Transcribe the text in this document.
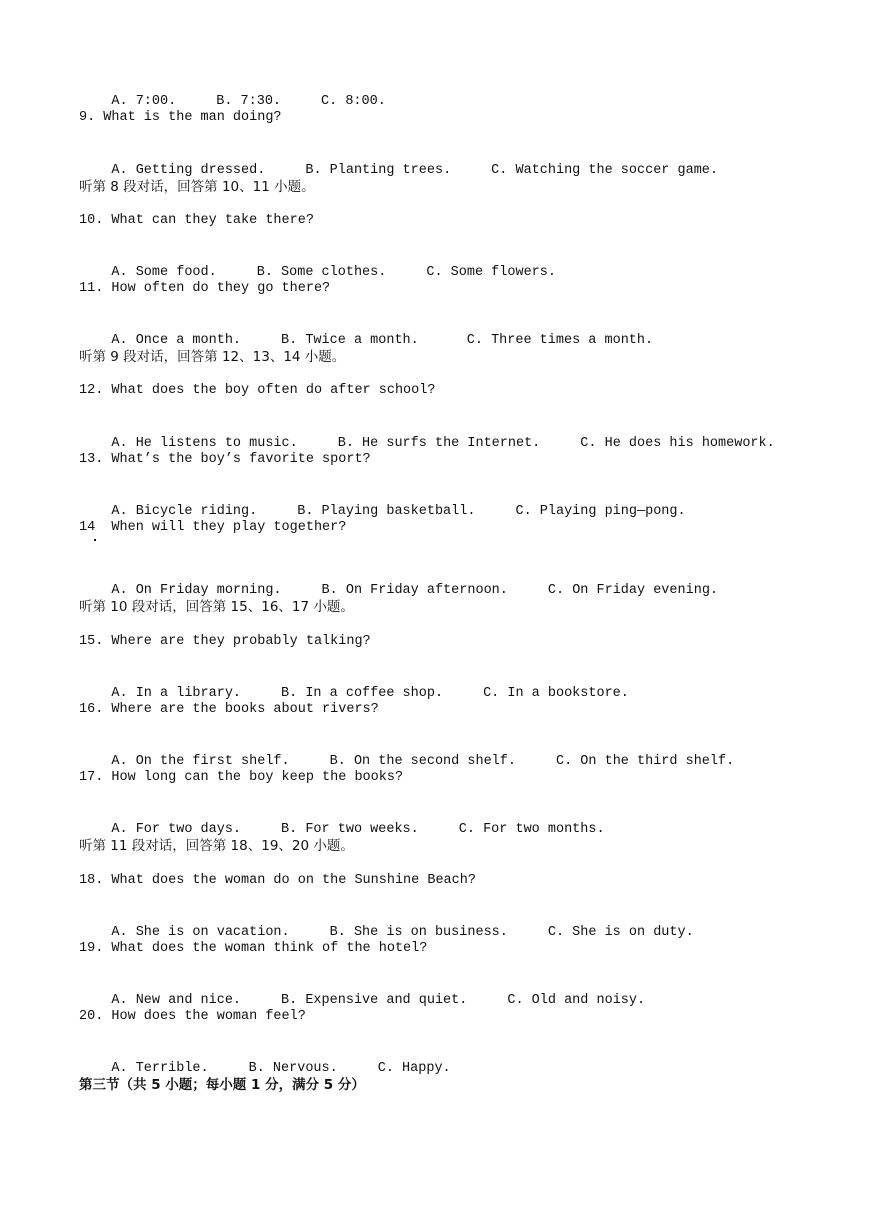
A. 7:00.	B. 7:30.	C. 8:00.

9. What is the man doing?

A. Getting dressed.	B. Planting trees.	C. Watching the soccer game.

听第 8 段对话，回答第 10、11 小题。
10. What can they take there?

A. Some food.	B. Some clothes.	C. Some flowers.

11. How often do they go there?

A. Once a month.	B. Twice a month.	C. Three times a month.

听第 9 段对话，回答第 12、13、14 小题。
12. What does the boy often do after school?

A. He listens to music.	B. He surfs the Internet.	C. He does his homework.

13. What’s the boy’s favorite sport?

A. Bicycle riding.	B. Playing basketball.	C. Playing ping—pong.

14  When will they play together?

A. On Friday morning.	B. On Friday afternoon.	C. On Friday evening.

听第 10 段对话，回答第 15、16、17 小题。
15. Where are they probably talking?

A. In a library.	B. In a coffee shop.	C. In a bookstore.

16. Where are the books about rivers?

A. On the first shelf.	B. On the second shelf.	C. On the third shelf.

17. How long can the boy keep the books?

A. For two days.	B. For two weeks.	C. For two months.

听第 11 段对话，回答第 18、19、20 小题。
18. What does the woman do on the Sunshine Beach?

A. She is on vacation.	B. She is on business.	C. She is on duty.

19. What does the woman think of the hotel?

A. New and nice.	B. Expensive and quiet.	C. Old and noisy.

20. How does the woman feel?

A. Terrible.	B. Nervous.	C. Happy.

第三节（共 5 小题；每小题 1 分，满分 5 分）
